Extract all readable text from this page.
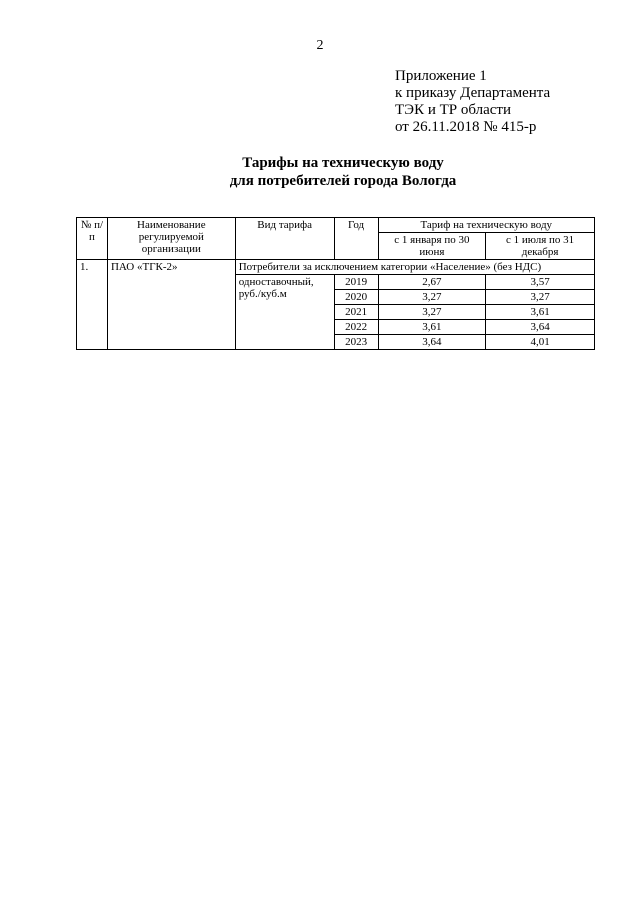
2
Приложение 1
к приказу Департамента
ТЭК и ТР области
от 26.11.2018 № 415-р
Тарифы на техническую воду
для потребителей города Вологда
№ п/п	Наименование регулируемой организации	Вид тарифа	Год	Тариф на техническую воду	
				с 1 января по 30 июня	с 1 июля по 31 декабря
1.	ПАО «ТГК-2»	Потребители за исключением категории «Население» (без НДС)			
		одноставочный, руб./куб.м	2019	2,67	3,57
			2020	3,27	3,27
			2021	3,27	3,61
			2022	3,61	3,64
			2023	3,64	4,01
